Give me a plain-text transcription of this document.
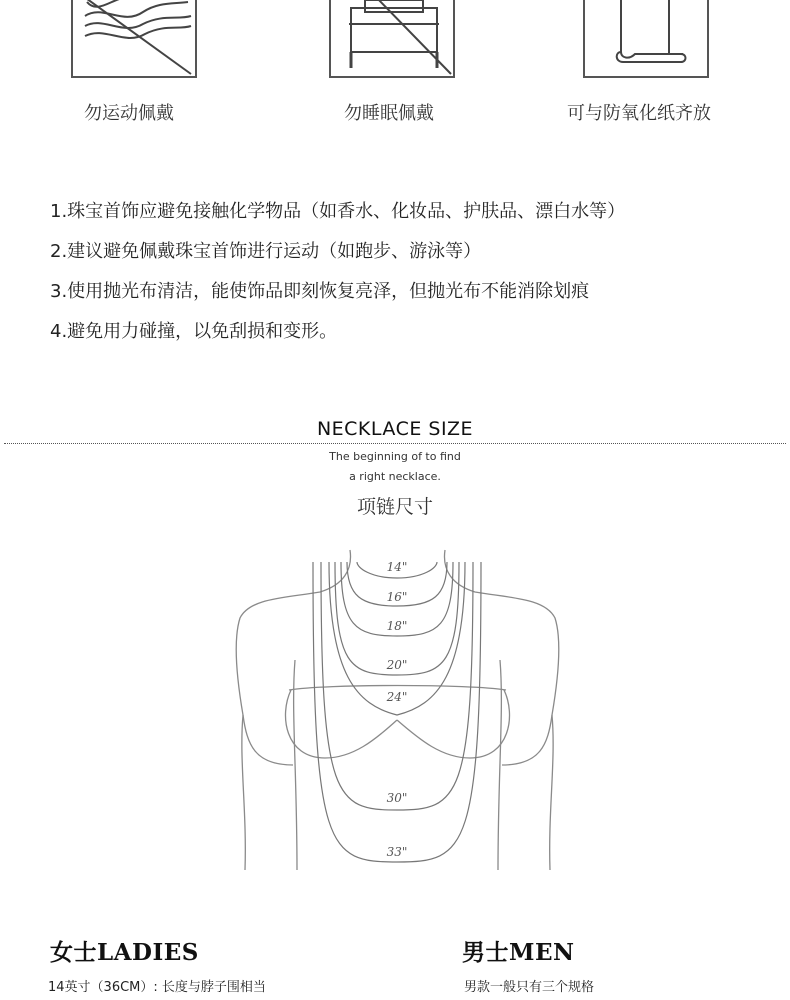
勿运动佩戴	勿睡眠佩戴	可与防氧化纸齐放
1.珠宝首饰应避免接触化学物品（如香水、化妆品、护肤品、漂白水等）
2.建议避免佩戴珠宝首饰进行运动（如跑步、游泳等）
3.使用抛光布清洁，能使饰品即刻恢复亮泽，但抛光布不能消除划痕
4.避免用力碰撞，以免刮损和变形。
NECKLACE SIZE
The beginning of to find
a right necklace.
项链尺寸
14"
16"
18"
20"
24"
30"
33"
女士LADIES
14英寸（36CM）: 长度与脖子围相当
男士MEN
男款一般只有三个规格
